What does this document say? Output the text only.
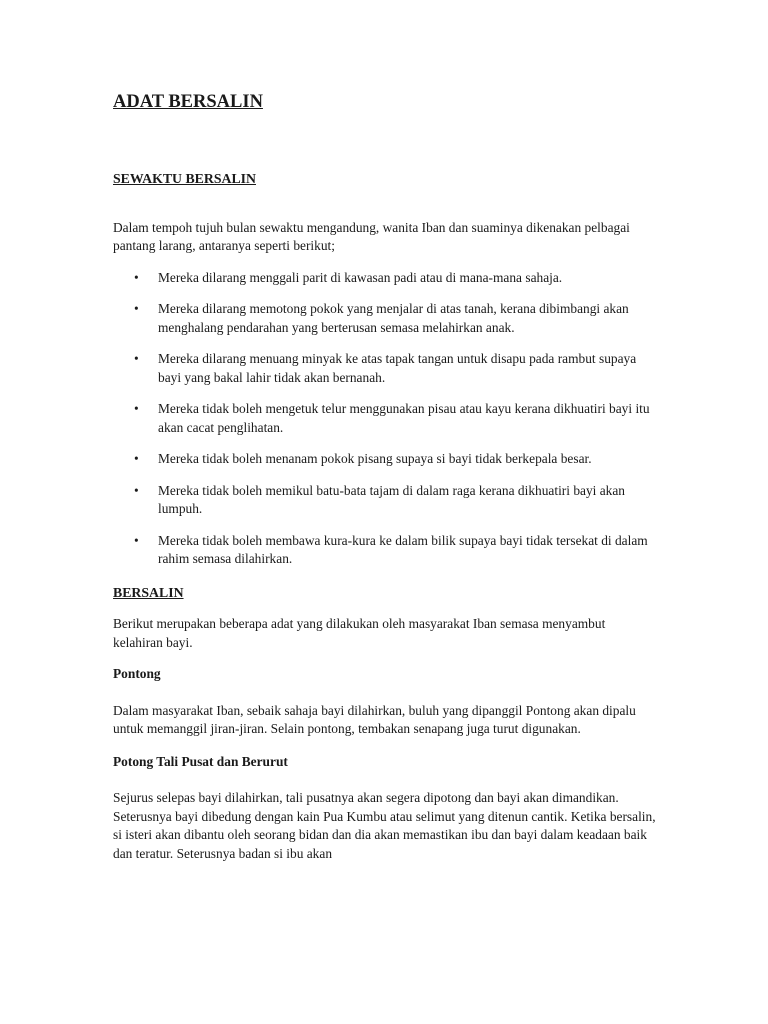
ADAT BERSALIN
SEWAKTU BERSALIN

Dalam tempoh tujuh bulan sewaktu mengandung, wanita Iban dan suaminya dikenakan pelbagai pantang larang, antaranya seperti berikut;

• Mereka dilarang menggali parit di kawasan padi atau di mana-mana sahaja.
• Mereka dilarang memotong pokok yang menjalar di atas tanah, kerana dibimbangi akan menghalang pendarahan yang berterusan semasa melahirkan anak.
• Mereka dilarang menuang minyak ke atas tapak tangan untuk disapu pada rambut supaya bayi yang bakal lahir tidak akan bernanah.
• Mereka tidak boleh mengetuk telur menggunakan pisau atau kayu kerana dikhuatiri bayi itu akan cacat penglihatan.
• Mereka tidak boleh menanam pokok pisang supaya si bayi tidak berkepala besar.
• Mereka tidak boleh memikul batu-bata tajam di dalam raga kerana dikhuatiri bayi akan lumpuh.
• Mereka tidak boleh membawa kura-kura ke dalam bilik supaya bayi tidak tersekat di dalam rahim semasa dilahirkan.
BERSALIN

Berikut merupakan beberapa adat yang dilakukan oleh masyarakat Iban semasa menyambut kelahiran bayi.

Pontong

Dalam masyarakat Iban, sebaik sahaja bayi dilahirkan, buluh yang dipanggil Pontong akan dipalu untuk memanggil jiran-jiran. Selain pontong, tembakan senapang juga turut digunakan.

Potong Tali Pusat dan Berurut

Sejurus selepas bayi dilahirkan, tali pusatnya akan segera dipotong dan bayi akan dimandikan. Seterusnya bayi dibedung dengan kain Pua Kumbu atau selimut yang ditenun cantik. Ketika bersalin, si isteri akan dibantu oleh seorang bidan dan dia akan memastikan ibu dan bayi dalam keadaan baik dan teratur. Seterusnya badan si ibu akan
